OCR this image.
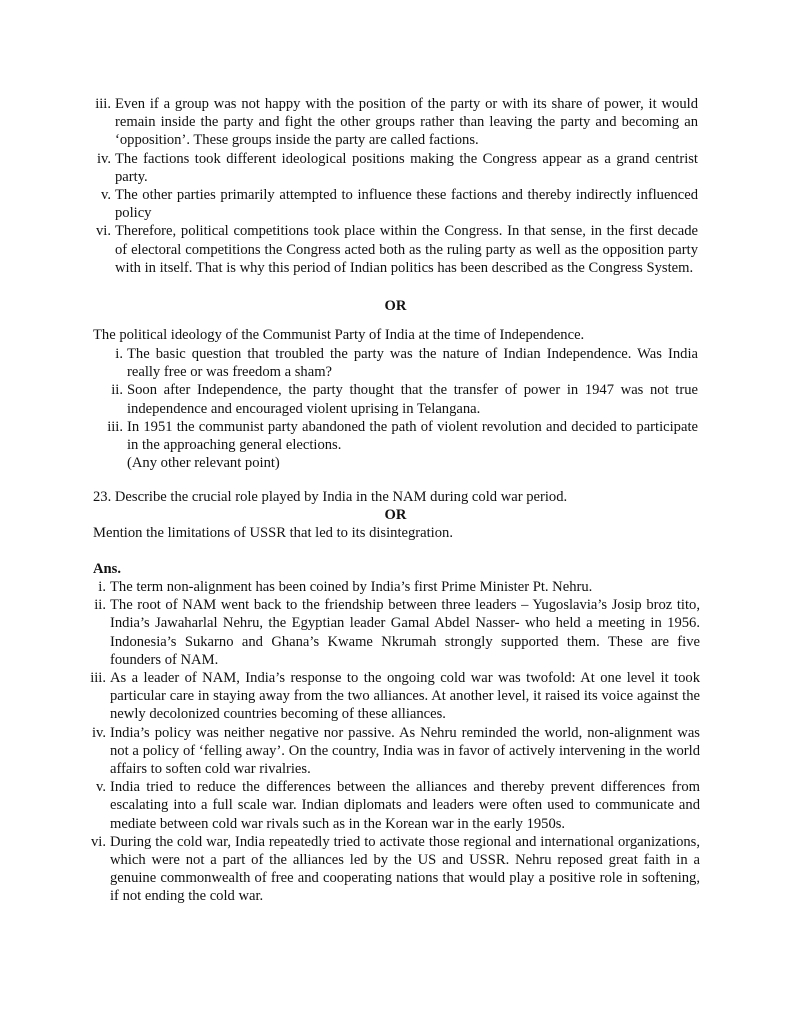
iii. Even if a group was not happy with the position of the party or with its share of power, it would remain inside the party and fight the other groups rather than leaving the party and becoming an ‘opposition’. These groups inside the party are called factions.
iv. The factions took different ideological positions making the Congress appear as a grand centrist party.
v. The other parties primarily attempted to influence these factions and thereby indirectly influenced policy
vi. Therefore, political competitions took place within the Congress. In that sense, in the first decade of electoral competitions the Congress acted both as the ruling party as well as the opposition party with in itself. That is why this period of Indian politics has been described as the Congress System.
OR
The political ideology of the Communist Party of India at the time of Independence.
i. The basic question that troubled the party was the nature of Indian Independence. Was India really free or was freedom a sham?
ii. Soon after Independence, the party thought that the transfer of power in 1947 was not true independence and encouraged violent uprising in Telangana.
iii. In 1951 the communist party abandoned the path of violent revolution and decided to participate in the approaching general elections.
(Any other relevant point)
23. Describe the crucial role played by India in the NAM during cold war period.
OR
Mention the limitations of USSR that led to its disintegration.
Ans.
i. The term non-alignment has been coined by India’s first Prime Minister Pt. Nehru.
ii. The root of NAM went back to the friendship between three leaders – Yugoslavia’s Josip broz tito, India’s Jawaharlal Nehru, the Egyptian leader Gamal Abdel Nasser- who held a meeting in 1956. Indonesia’s Sukarno and Ghana’s Kwame Nkrumah strongly supported them. These are five founders of NAM.
iii. As a leader of NAM, India’s response to the ongoing cold war was twofold: At one level it took particular care in staying away from the two alliances. At another level, it raised its voice against the newly decolonized countries becoming of these alliances.
iv. India’s policy was neither negative nor passive. As Nehru reminded the world, non-alignment was not a policy of ‘felling away’. On the country, India was in favor of actively intervening in the world affairs to soften cold war rivalries.
v. India tried to reduce the differences between the alliances and thereby prevent differences from escalating into a full scale war. Indian diplomats and leaders were often used to communicate and mediate between cold war rivals such as in the Korean war in the early 1950s.
vi. During the cold war, India repeatedly tried to activate those regional and international organizations, which were not a part of the alliances led by the US and USSR. Nehru reposed great faith in a genuine commonwealth of free and cooperating nations that would play a positive role in softening, if not ending the cold war.
